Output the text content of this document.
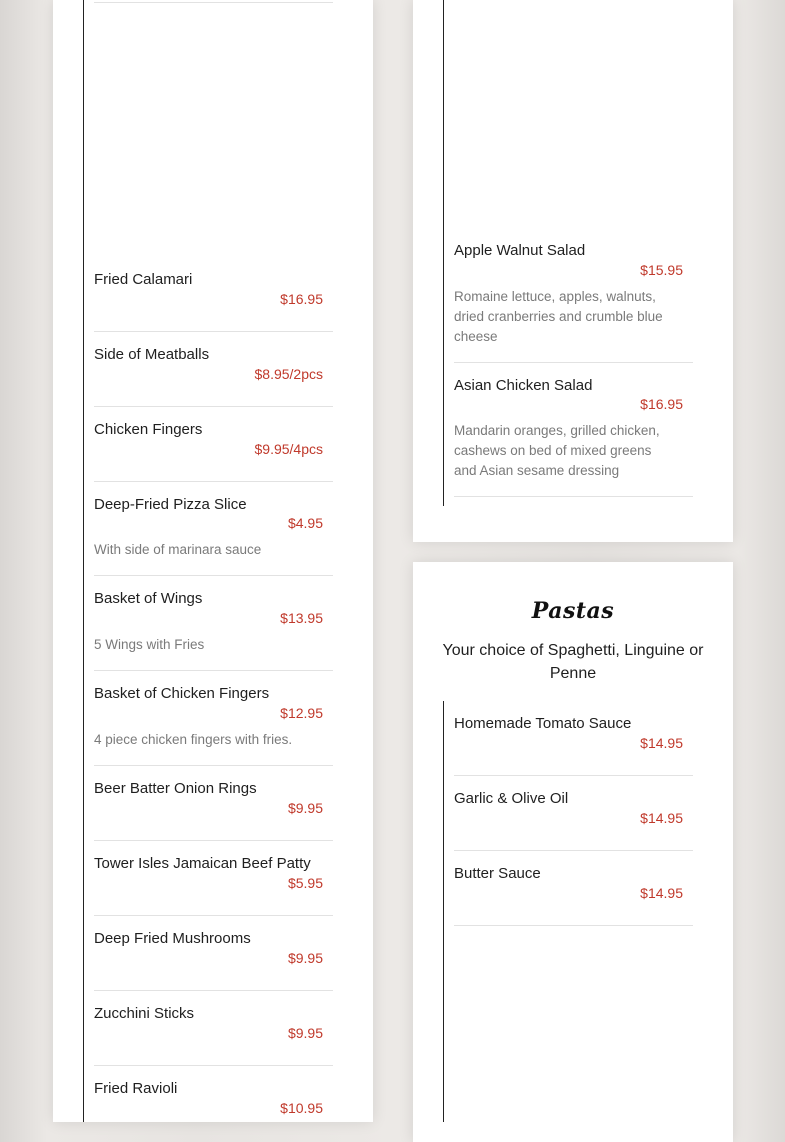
Fried Calamari
$16.95
Side of Meatballs
$8.95/2pcs
Chicken Fingers
$9.95/4pcs
Deep-Fried Pizza Slice
$4.95
With side of marinara sauce
Basket of Wings
$13.95
5 Wings with Fries
Basket of Chicken Fingers
$12.95
4 piece chicken fingers with fries.
Beer Batter Onion Rings
$9.95
Tower Isles Jamaican Beef Patty
$5.95
Deep Fried Mushrooms
$9.95
Zucchini Sticks
$9.95
Fried Ravioli
$10.95
Apple Walnut Salad
$15.95
Romaine lettuce, apples, walnuts, dried cranberries and crumble blue cheese
Asian Chicken Salad
$16.95
Mandarin oranges, grilled chicken, cashews on bed of mixed greens and Asian sesame dressing
Pastas
Your choice of Spaghetti, Linguine or Penne
Homemade Tomato Sauce
$14.95
Garlic & Olive Oil
$14.95
Butter Sauce
$14.95
